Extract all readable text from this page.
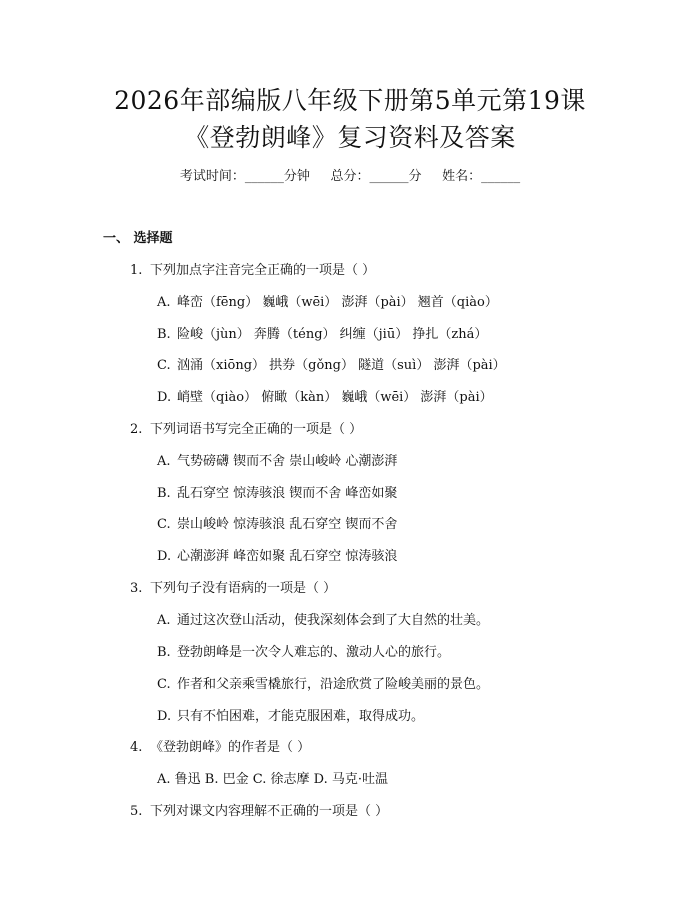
2026年部编版八年级下册第5单元第19课
《登勃朗峰》复习资料及答案
考试时间：______分钟     总分：______分     姓名：______
一、 选择题
1. 下列加点字注音完全正确的一项是（ ）
A. 峰峦（fēng） 巍峨（wēi） 澎湃（pài） 翘首（qiào）
B. 险峻（jùn） 奔腾（téng） 纠缠（jiū） 挣扎（zhá）
C. 汹涌（xiōng） 拱券（gǒng） 隧道（suì） 澎湃（pài）
D. 峭壁（qiào） 俯瞰（kàn） 巍峨（wēi） 澎湃（pài）
2. 下列词语书写完全正确的一项是（ ）
A. 气势磅礴 锲而不舍 崇山峻岭 心潮澎湃
B. 乱石穿空 惊涛骇浪 锲而不舍 峰峦如聚
C. 崇山峻岭 惊涛骇浪 乱石穿空 锲而不舍
D. 心潮澎湃 峰峦如聚 乱石穿空 惊涛骇浪
3. 下列句子没有语病的一项是（ ）
A. 通过这次登山活动，使我深刻体会到了大自然的壮美。
B. 登勃朗峰是一次令人难忘的、激动人心的旅行。
C. 作者和父亲乘雪橇旅行，沿途欣赏了险峻美丽的景色。
D. 只有不怕困难，才能克服困难，取得成功。
4. 《登勃朗峰》的作者是（ ）
A. 鲁迅 B. 巴金 C. 徐志摩 D. 马克·吐温
5. 下列对课文内容理解不正确的一项是（ ）
